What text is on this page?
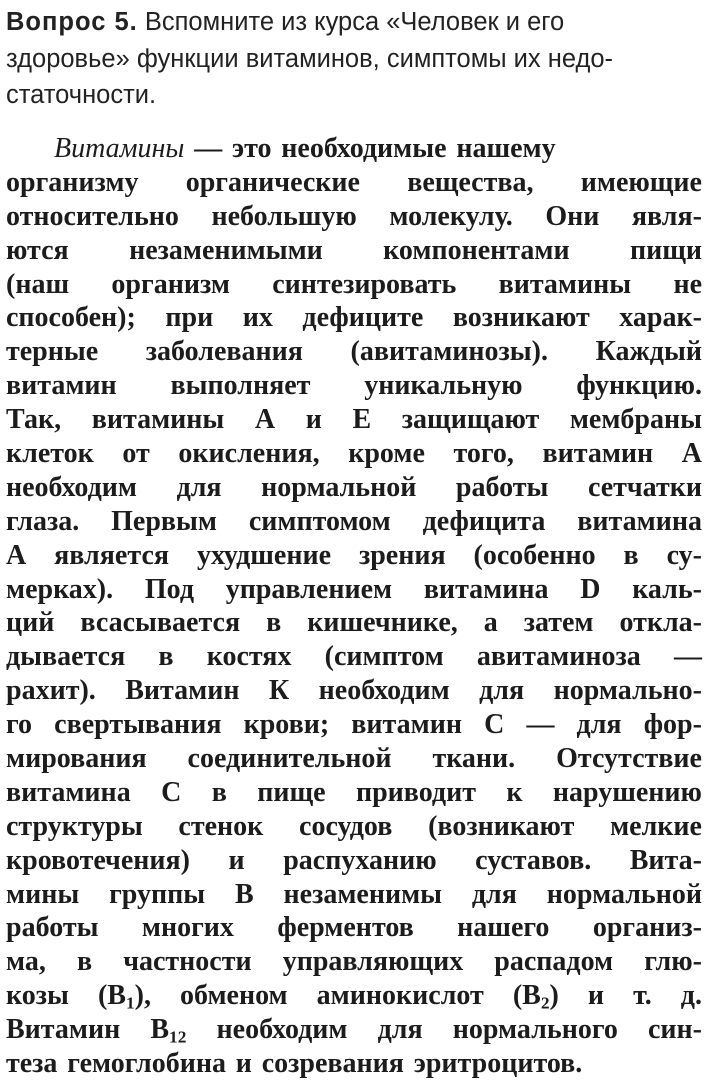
Вопрос 5. Вспомните из курса «Человек и его
здоровье» функции витаминов, симптомы их недо-
статочности.
Витамины — это необходимые нашему
организму органические вещества, имеющие
относительно небольшую молекулу. Они явля-
ются незаменимыми компонентами пищи
(наш организм синтезировать витамины не
способен); при их дефиците возникают харак-
терные заболевания (авитаминозы). Каждый
витамин выполняет уникальную функцию.
Так, витамины А и Е защищают мембраны
клеток от окисления, кроме того, витамин А
необходим для нормальной работы сетчатки
глаза. Первым симптомом дефицита витамина
А является ухудшение зрения (особенно в су-
мерках). Под управлением витамина D каль-
ций всасывается в кишечнике, а затем откла-
дывается в костях (симптом авитаминоза —
рахит). Витамин К необходим для нормально-
го свертывания крови; витамин С — для фор-
мирования соединительной ткани. Отсутствие
витамина С в пище приводит к нарушению
структуры стенок сосудов (возникают мелкие
кровотечения) и распуханию суставов. Вита-
мины группы В незаменимы для нормальной
работы многих ферментов нашего организ-
ма, в частности управляющих распадом глю-
козы $(B_1)$, обменом аминокислот $(B_2)$ и т. д.
Витамин $B_{12}$ необходим для нормального син-
теза гемоглобина и созревания эритроцитов.
